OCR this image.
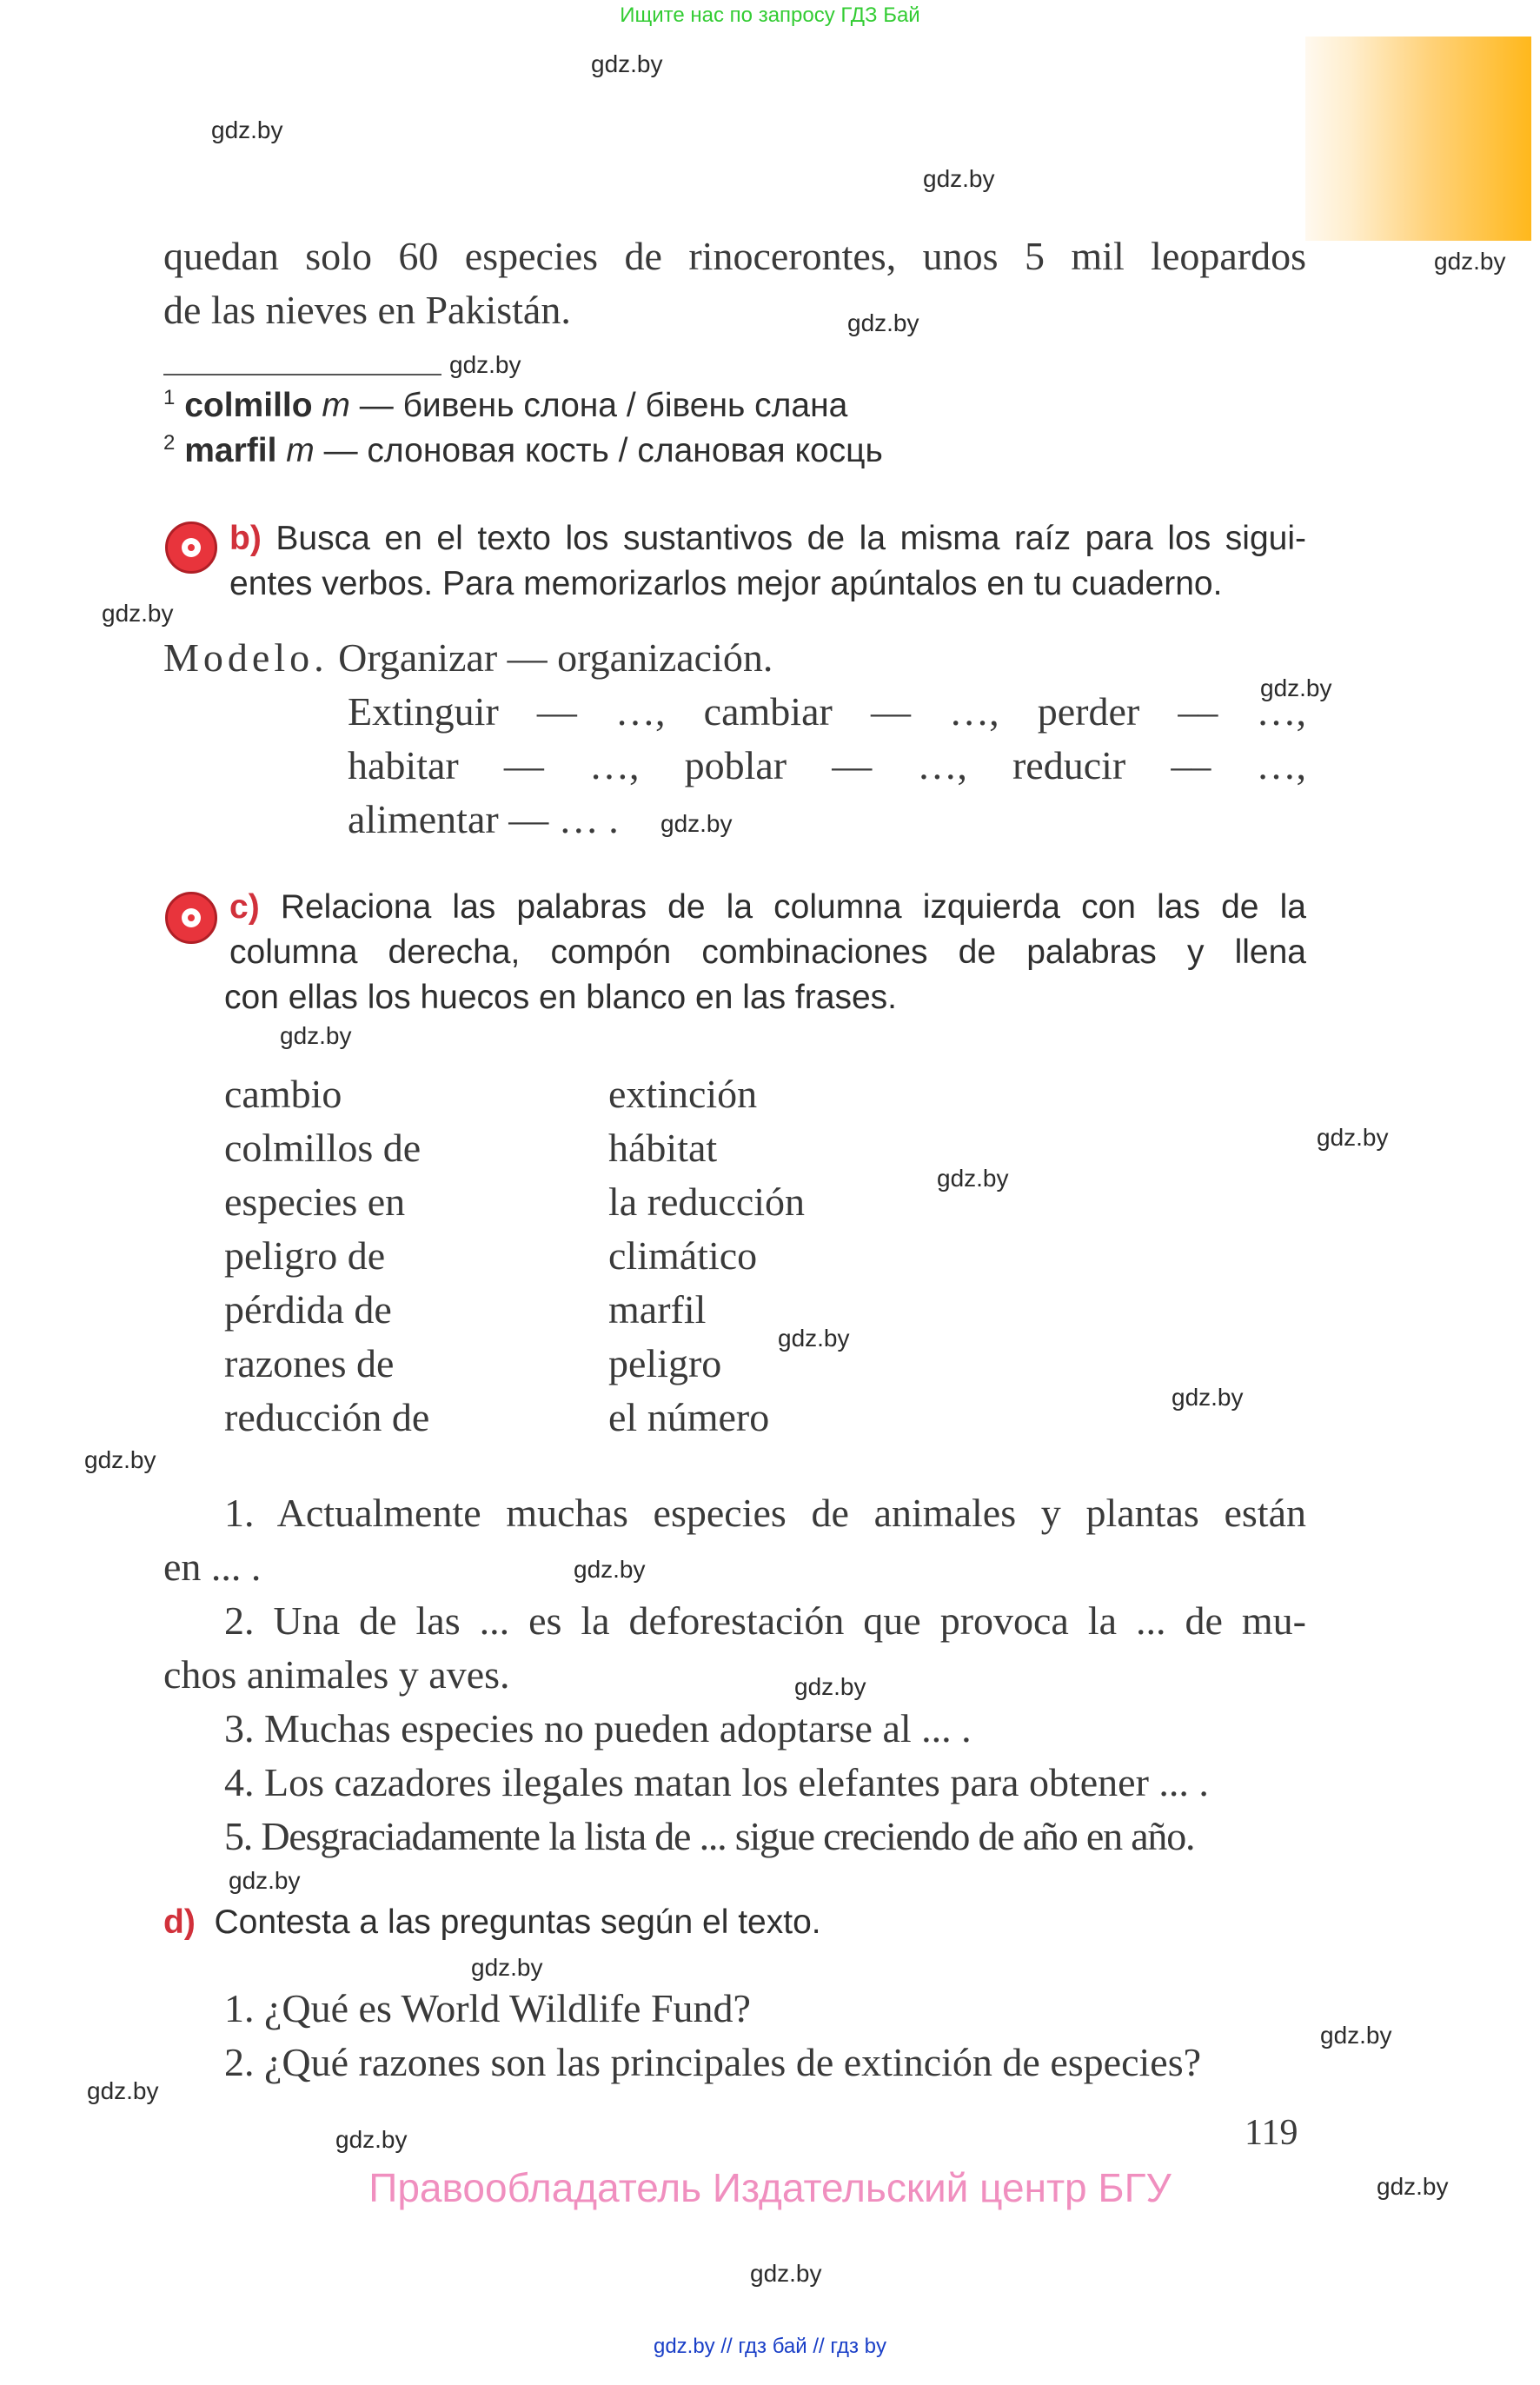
Ищите нас по запросу ГДЗ Бай
gdz.by
gdz.by
gdz.by
gdz.by
gdz.by
gdz.by
gdz.by
gdz.by
gdz.by
gdz.by
gdz.by
gdz.by
gdz.by
gdz.by
gdz.by
gdz.by
gdz.by
gdz.by
gdz.by
gdz.by
gdz.by
gdz.by
gdz.by
gdz.by
quedan solo 60 especies de rinocerontes, unos 5 mil leopardos
de las nieves en Pakistán.
$^1$ colmillo m — бивень слона / бівень слана
$^2$ marfil m — слоновая кость / слановая косць
b) Busca en el texto los sustantivos de la misma raíz para los sigui-
entes verbos. Para memorizarlos mejor apúntalos en tu cuaderno.
Modelo. Organizar — organización.
Extinguir — …, cambiar — …, perder –– …,
habitar — …, poblar — …, reducir –– …,
alimentar — … .
c) Relaciona las palabras de la columna izquierda con las de la
columna derecha, compón combinaciones de palabras y llena
con ellas los huecos en blanco en las frases.
cambio
colmillos de
especies en
peligro de
pérdida de
razones de
reducción de
extinción
hábitat
la reducción
climático
marfil
peligro
el número
1. Actualmente muchas especies de animales y plantas están
en ... .
2. Una de las ... es la deforestación que provoca la ... de mu-
chos animales y aves.
3. Muchas especies no pueden adoptarse al ... .
4. Los cazadores ilegales matan los elefantes para obtener ... .
5. Desgraciadamente la lista de ... sigue creciendo de año en año.
d) Contesta a las preguntas según el texto.
1. ¿Qué es World Wildlife Fund?
2. ¿Qué razones son las principales de extinción de especies?
119
Правообладатель Издательский центр БГУ
gdz.by // гдз бай // гдз by
